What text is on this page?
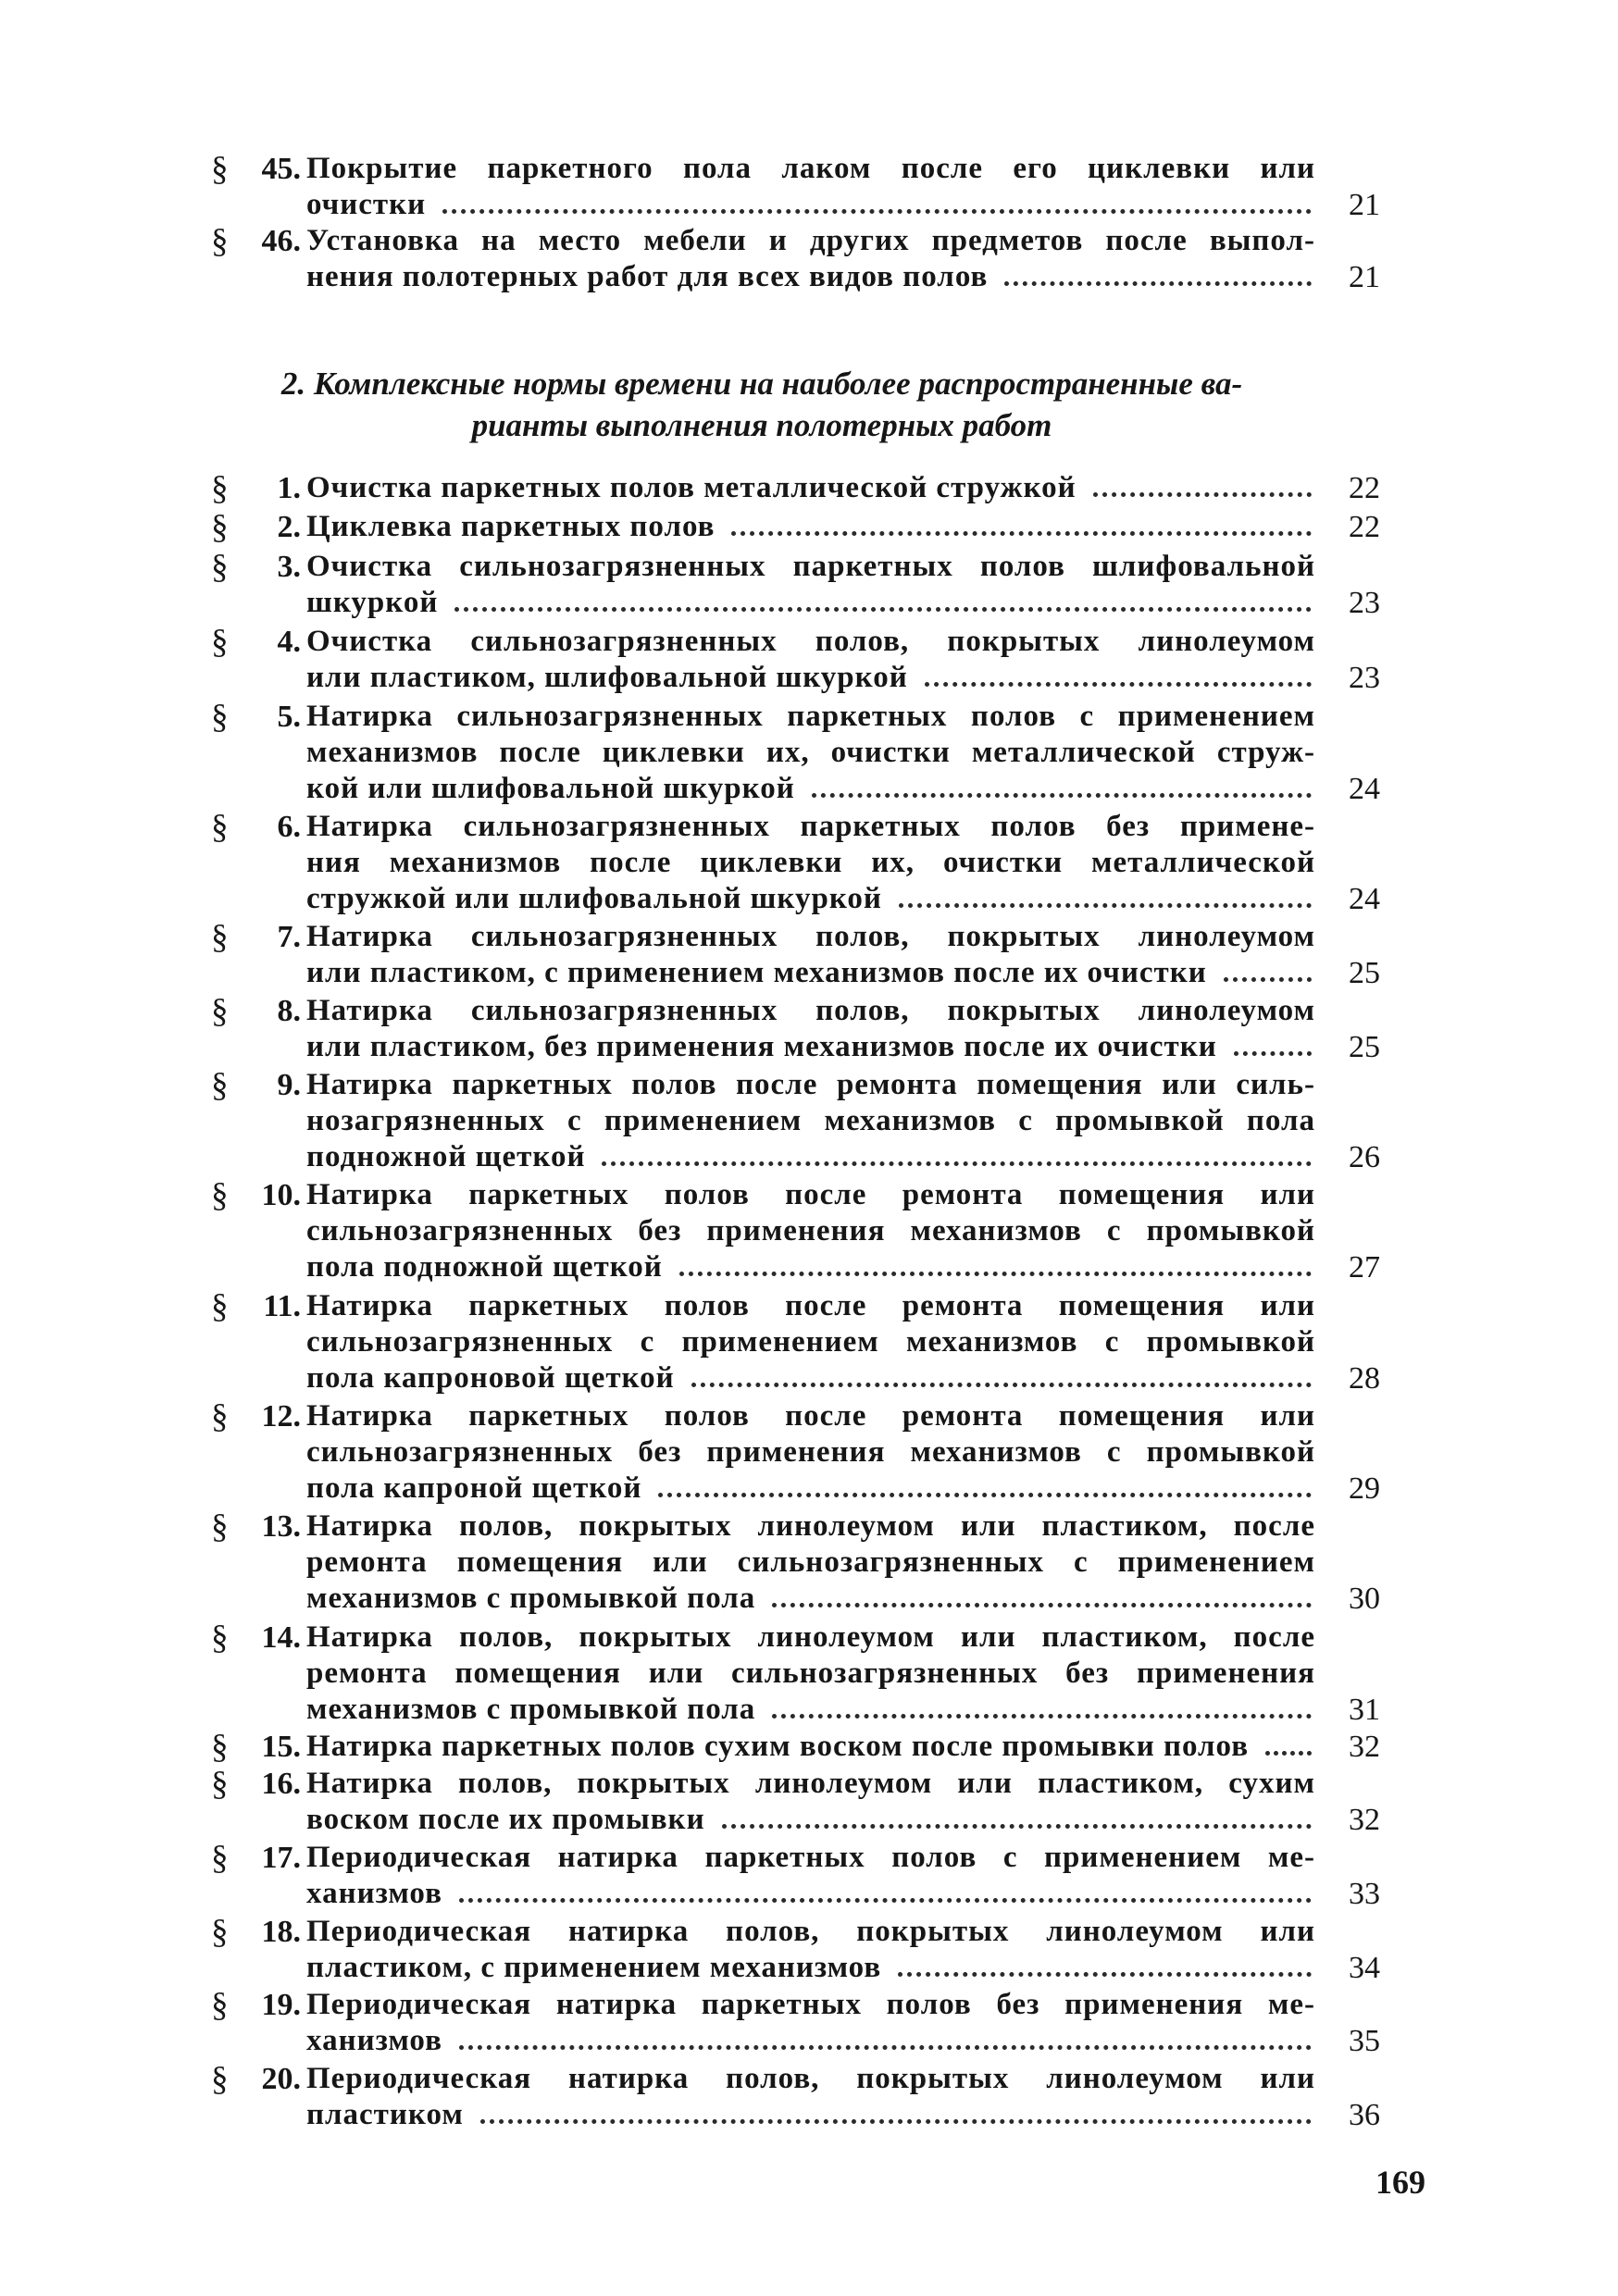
§	45. Покрытие паркетного пола лаком после его циклевки или
очистки	21
§	46. Установка на место мебели и других предметов после выпол-
нения полотерных работ для всех видов полов	21
2. Комплексные нормы времени на наиболее распространенные ва-
рианты выполнения полотерных работ
§	1. Очистка паркетных полов металлической стружкой	22
§	2. Циклевка паркетных полов	22
§	3. Очистка сильнозагрязненных паркетных полов шлифовальной
шкуркой	23
§	4. Очистка сильнозагрязненных полов, покрытых линолеумом
или пластиком, шлифовальной шкуркой	23
§	5. Натирка сильнозагрязненных паркетных полов с применением
механизмов после циклевки их, очистки металлической струж-
кой или шлифовальной шкуркой	24
§	6. Натирка сильнозагрязненных паркетных полов без примене-
ния механизмов после циклевки их, очистки металлической
стружкой или шлифовальной шкуркой	24
§	7. Натирка сильнозагрязненных полов, покрытых линолеумом
или пластиком, с применением механизмов после их очистки	25
§	8. Натирка сильнозагрязненных полов, покрытых линолеумом
или пластиком, без применения механизмов после их очистки	25
§	9. Натирка паркетных полов после ремонта помещения или силь-
нозагрязненных с применением механизмов с промывкой пола
подножной щеткой	26
§	10. Натирка паркетных полов после ремонта помещения или
сильнозагрязненных без применения механизмов с промывкой
пола подножной щеткой	27
§	11. Натирка паркетных полов после ремонта помещения или
сильнозагрязненных с применением механизмов с промывкой
пола капроновой щеткой	28
§	12. Натирка паркетных полов после ремонта помещения или
сильнозагрязненных без применения механизмов с промывкой
пола капроной щеткой	29
§	13. Натирка полов, покрытых линолеумом или пластиком, после
ремонта помещения или сильнозагрязненных с применением
механизмов с промывкой пола	30
§	14. Натирка полов, покрытых линолеумом или пластиком, после
ремонта помещения или сильнозагрязненных без применения
механизмов с промывкой пола	31
§	15. Натирка паркетных полов сухим воском после промывки полов	32
§	16. Натирка полов, покрытых линолеумом или пластиком, сухим
воском после их промывки	32
§	17. Периодическая натирка паркетных полов с применением ме-
ханизмов	33
§	18. Периодическая натирка полов, покрытых линолеумом или
пластиком, с применением механизмов	34
§	19. Периодическая натирка паркетных полов без применения ме-
ханизмов	35
§	20. Периодическая натирка полов, покрытых линолеумом или
пластиком	36
169
